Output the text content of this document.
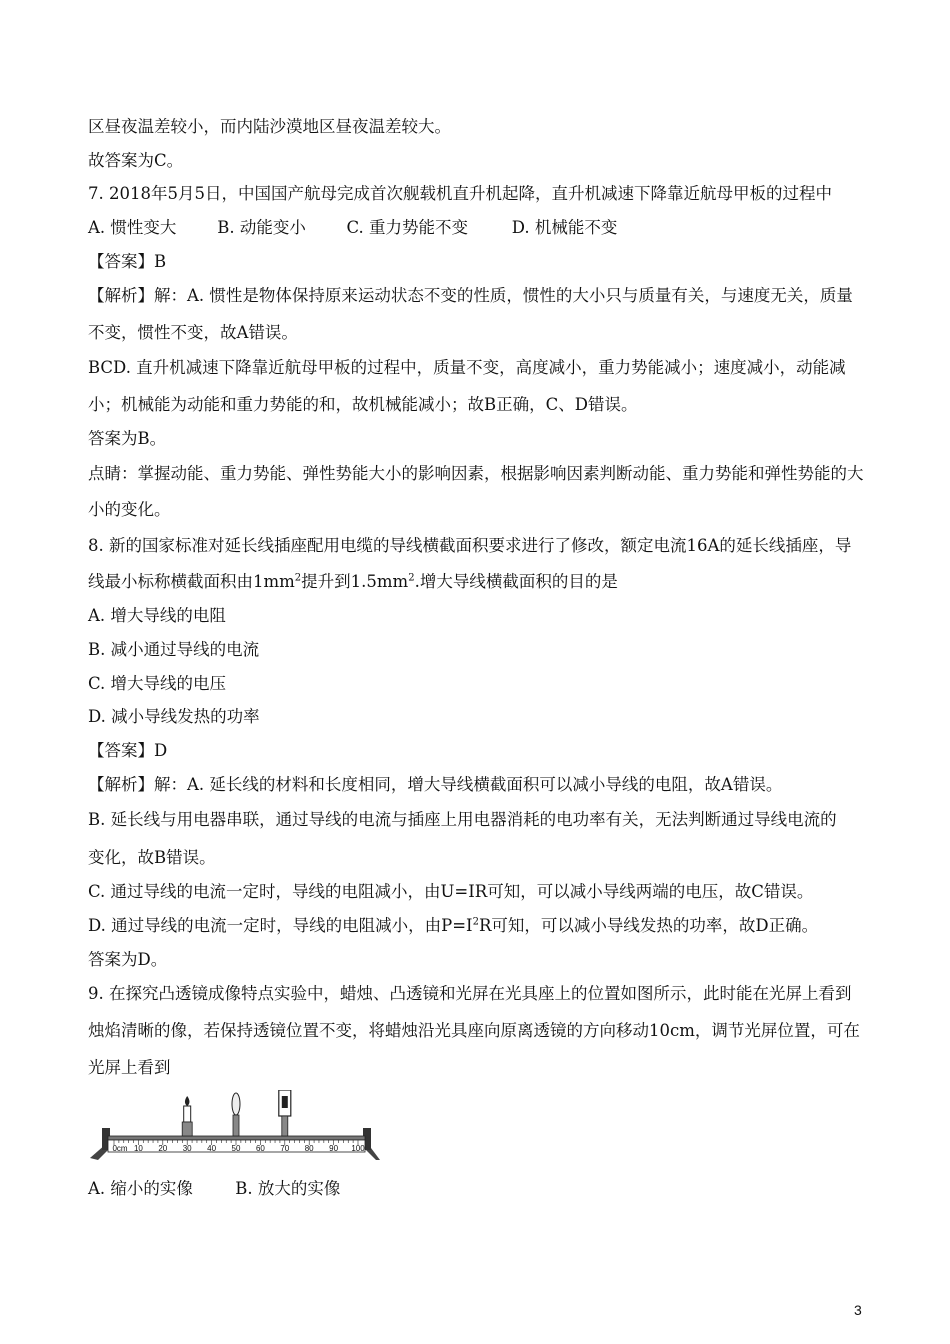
区昼夜温差较小，而内陆沙漠地区昼夜温差较大。
故答案为C。
7. 2018年5月5日，中国国产航母完成首次舰载机直升机起降，直升机减速下降靠近航母甲板的过程中
A. 惯性变大 B. 动能变小 C. 重力势能不变	D. 机械能不变
【答案】B
【解析】解：A. 惯性是物体保持原来运动状态不变的性质，惯性的大小只与质量有关，与速度无关，质量
不变，惯性不变，故A错误。
BCD. 直升机减速下降靠近航母甲板的过程中，质量不变，高度减小，重力势能减小；速度减小，动能减
小；机械能为动能和重力势能的和，故机械能减小；故B正确，C、D错误。
答案为B。
点睛：掌握动能、重力势能、弹性势能大小的影响因素，根据影响因素判断动能、重力势能和弹性势能的大
小的变化。
8. 新的国家标准对延长线插座配用电缆的导线横截面积要求进行了修改，额定电流16A的延长线插座，导
线最小标称横截面积由$1mm^2$提升到$1.5mm^2$.增大导线横截面积的目的是
A. 增大导线的电阻
B. 减小通过导线的电流
C. 增大导线的电压
D. 减小导线发热的功率
【答案】D
【解析】解：A. 延长线的材料和长度相同，增大导线横截面积可以减小导线的电阻，故A错误。
B. 延长线与用电器串联，通过导线的电流与插座上用电器消耗的电功率有关，无法判断通过导线电流的
变化，故B错误。
C. 通过导线的电流一定时，导线的电阻减小，由U=IR可知，可以减小导线两端的电压，故C错误。
D. 通过导线的电流一定时，导线的电阻减小，由$P=I^2R$可知，可以减小导线发热的功率，故D正确。
答案为D。
9. 在探究凸透镜成像特点实验中，蜡烛、凸透镜和光屏在光具座上的位置如图所示，此时能在光屏上看到
烛焰清晰的像，若保持透镜位置不变，将蜡烛沿光具座向原离透镜的方向移动10cm，调节光屏位置，可在
光屏上看到
0cm 10 20 30 40 50 60 70 80 90 100
A. 缩小的实像	B. 放大的实像
3
